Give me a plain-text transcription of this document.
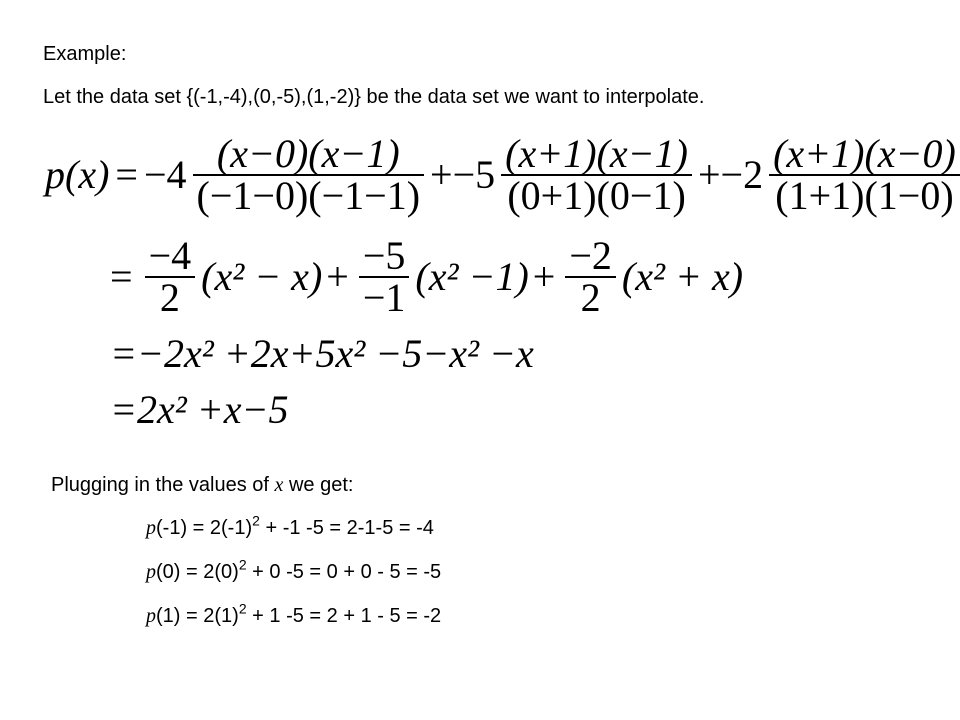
Example:
Let the data set {(-1,-4),(0,-5),(1,-2)} be the data set we want to interpolate.
$p(x) = -4 \frac{(x-0)(x-1)}{(-1-0)(-1-1)} +-5 \frac{(x+1)(x-1)}{(0+1)(0-1)} +-2 \frac{(x+1)(x-0)}{(1+1)(1-0)}$
= $\frac{-4}{2} (x^2 - x) + \frac{-5}{-1} (x^2 -1) + \frac{-2}{2} (x^2 + x)$
=−2x² +2x+5x² −5−x² −x
=2x² +x−5
Plugging in the values of x we get:
$p(-1) = 2(-1)^2 + -1$ -5 = 2-1-5 = -4
$p(0) = 2(0)^2 + 0$ -5 = 0 + 0 - 5 = -5
$p(1) = 2(1)^2 + 1$ -5 = 2 + 1 - 5 = -2
